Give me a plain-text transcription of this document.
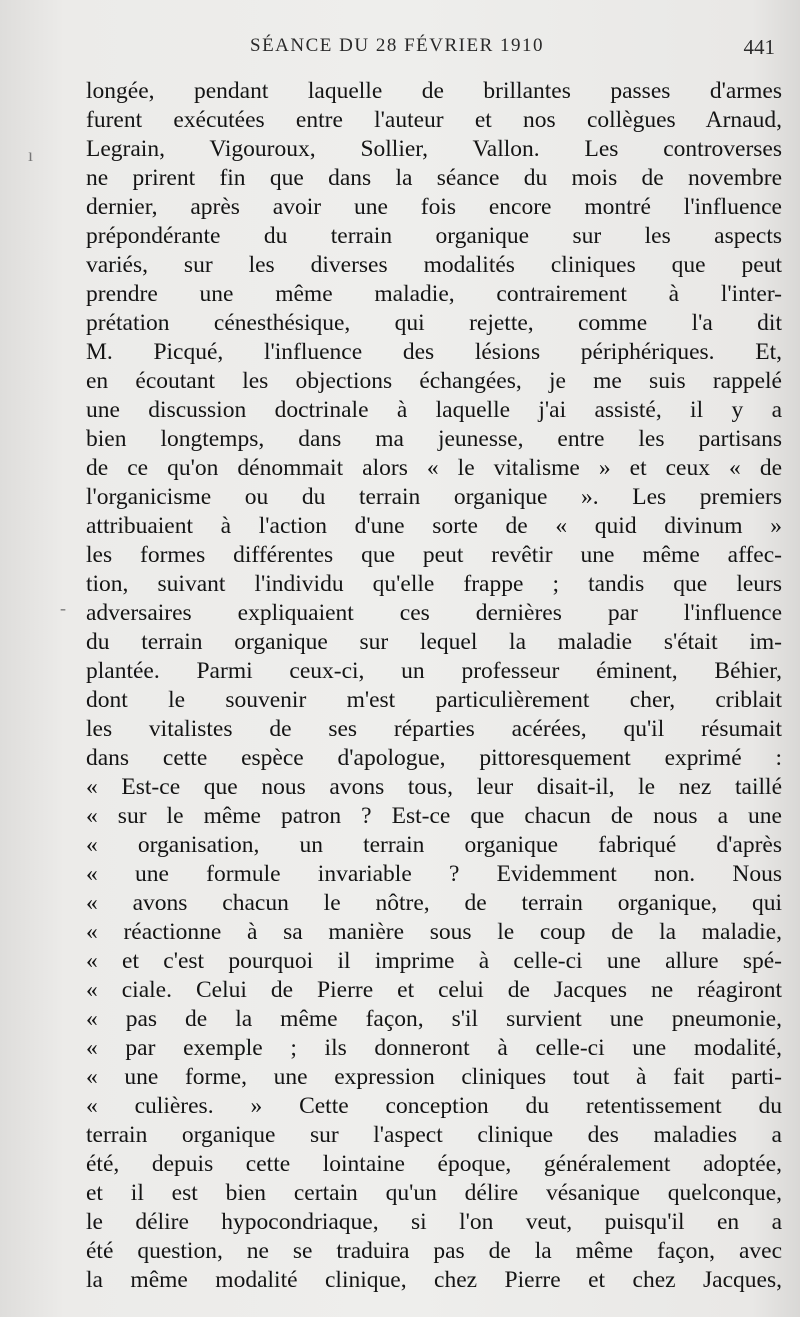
SÉANCE DU 28 FÉVRIER 1910	441
ı
-
longée, pendant laquelle de brillantes passes d'armes
furent exécutées entre l'auteur et nos collègues Arnaud,
Legrain, Vigouroux, Sollier, Vallon. Les controverses
ne prirent fin que dans la séance du mois de novembre
dernier, après avoir une fois encore montré l'influence
prépondérante du terrain organique sur les aspects
variés, sur les diverses modalités cliniques que peut
prendre une même maladie, contrairement à l'inter-
prétation cénesthésique, qui rejette, comme l'a dit
M. Picqué, l'influence des lésions périphériques. Et,
en écoutant les objections échangées, je me suis rappelé
une discussion doctrinale à laquelle j'ai assisté, il y a
bien longtemps, dans ma jeunesse, entre les partisans
de ce qu'on dénommait alors « le vitalisme » et ceux « de
l'organicisme ou du terrain organique ». Les premiers
attribuaient à l'action d'une sorte de « quid divinum »
les formes différentes que peut revêtir une même affec-
tion, suivant l'individu qu'elle frappe ; tandis que leurs
adversaires expliquaient ces dernières par l'influence
du terrain organique sur lequel la maladie s'était im-
plantée. Parmi ceux-ci, un professeur éminent, Béhier,
dont le souvenir m'est particulièrement cher, criblait
les vitalistes de ses réparties acérées, qu'il résumait
dans cette espèce d'apologue, pittoresquement exprimé :
« Est-ce que nous avons tous, leur disait-il, le nez taillé
« sur le même patron ? Est-ce que chacun de nous a une
« organisation, un terrain organique fabriqué d'après
« une formule invariable ? Evidemment non. Nous
« avons chacun le nôtre, de terrain organique, qui
« réactionne à sa manière sous le coup de la maladie,
« et c'est pourquoi il imprime à celle-ci une allure spé-
« ciale. Celui de Pierre et celui de Jacques ne réagiront
« pas de la même façon, s'il survient une pneumonie,
« par exemple ; ils donneront à celle-ci une modalité,
« une forme, une expression cliniques tout à fait parti-
« culières. » Cette conception du retentissement du
terrain organique sur l'aspect clinique des maladies a
été, depuis cette lointaine époque, généralement adoptée,
et il est bien certain qu'un délire vésanique quelconque,
le délire hypocondriaque, si l'on veut, puisqu'il en a
été question, ne se traduira pas de la même façon, avec
la même modalité clinique, chez Pierre et chez Jacques,
